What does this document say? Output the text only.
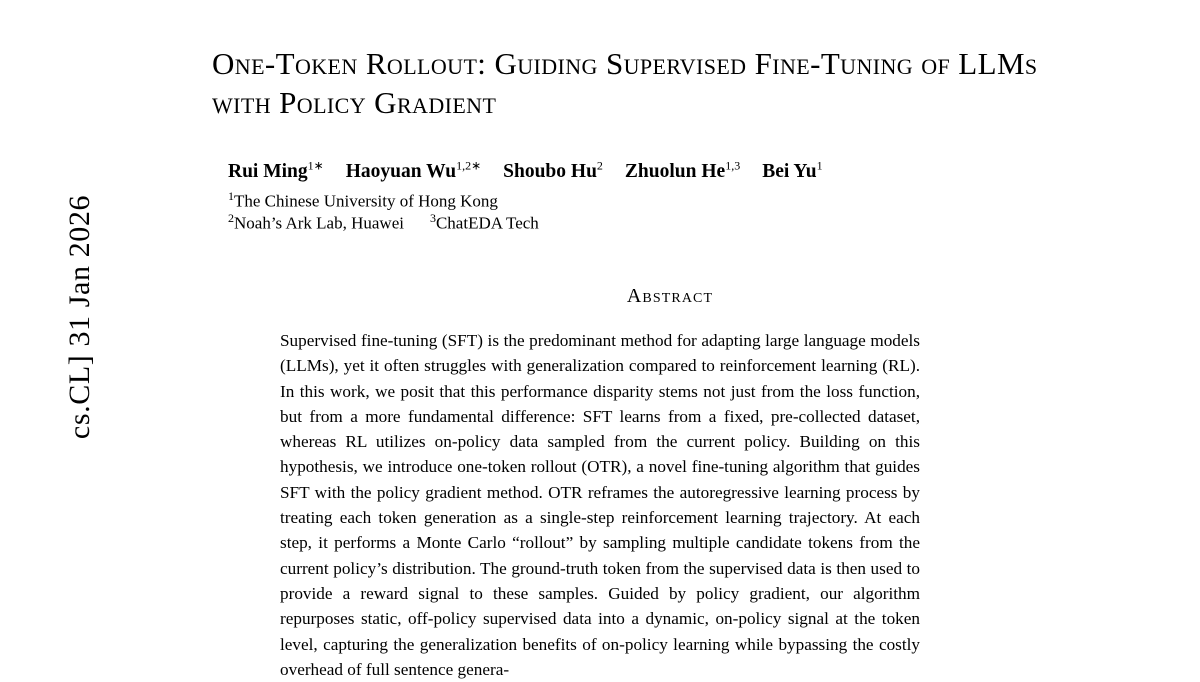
cs.CL] 31 Jan 2026
One-Token Rollout: Guiding Supervised Fine-Tuning of LLMs with Policy Gradient
Rui Ming$^{1∗}$ Haoyuan $Wu^{1,2∗}$ Shoubo Hu$^2$ Zhuolun He$^{1,3}$ Bei Yu$^1$
$^1$The Chinese University of Hong Kong
$^2$Noah’s Ark Lab, Huawei $^3$ChatEDA Tech
Abstract
Supervised fine-tuning (SFT) is the predominant method for adapting large language models (LLMs), yet it often struggles with generalization compared to reinforcement learning (RL). In this work, we posit that this performance disparity stems not just from the loss function, but from a more fundamental difference: SFT learns from a fixed, pre-collected dataset, whereas RL utilizes on-policy data sampled from the current policy. Building on this hypothesis, we introduce one-token rollout (OTR), a novel fine-tuning algorithm that guides SFT with the policy gradient method. OTR reframes the autoregressive learning process by treating each token generation as a single-step reinforcement learning trajectory. At each step, it performs a Monte Carlo “rollout” by sampling multiple candidate tokens from the current policy’s distribution. The ground-truth token from the supervised data is then used to provide a reward signal to these samples. Guided by policy gradient, our algorithm repurposes static, off-policy supervised data into a dynamic, on-policy signal at the token level, capturing the generalization benefits of on-policy learning while bypassing the costly overhead of full sentence genera-
